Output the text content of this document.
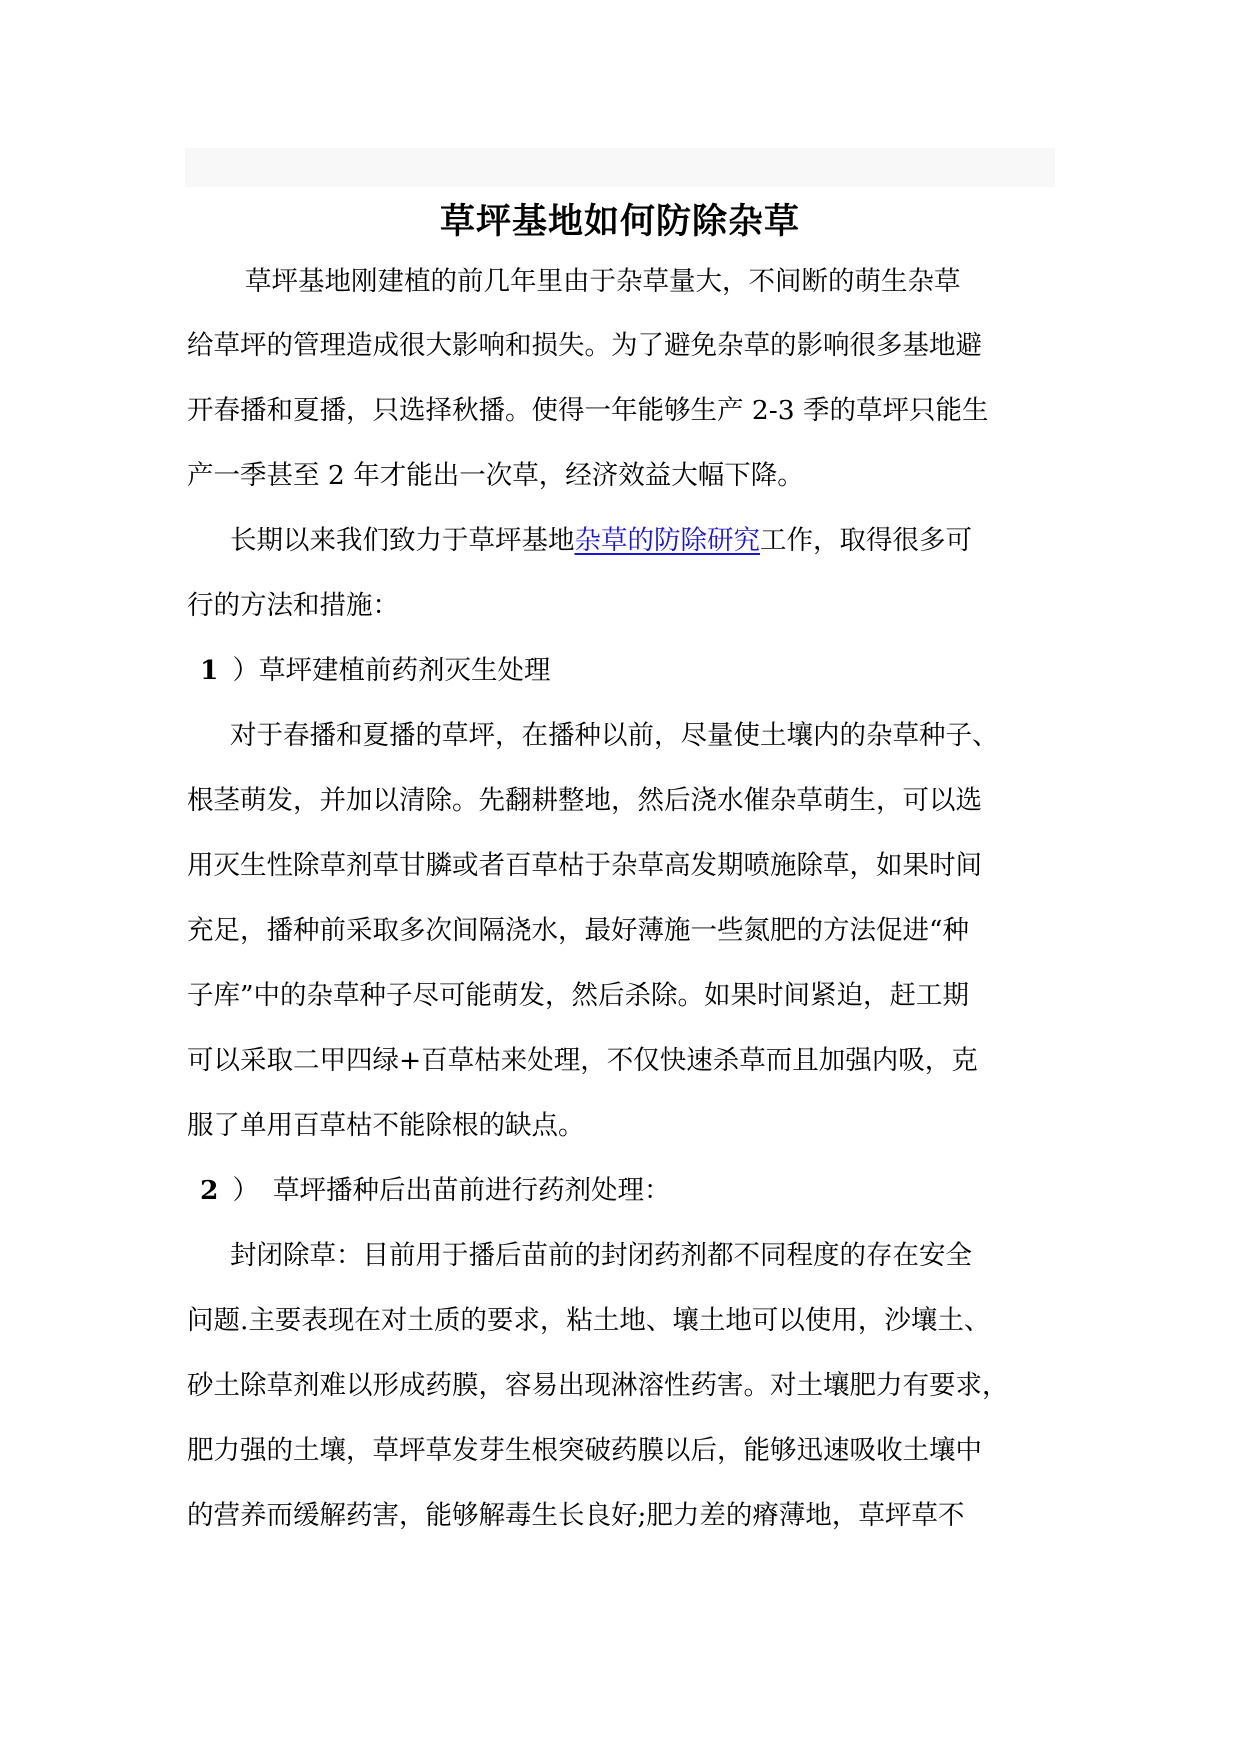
草坪基地如何防除杂草
草坪基地刚建植的前几年里由于杂草量大，不间断的萌生杂草
给草坪的管理造成很大影响和损失。为了避免杂草的影响很多基地避
开春播和夏播，只选择秋播。使得一年能够生产 2-3 季的草坪只能生
产一季甚至 2 年才能出一次草，经济效益大幅下降。
长期以来我们致力于草坪基地杂草的防除研究工作，取得很多可
行的方法和措施：
1 ）草坪建植前药剂灭生处理
对于春播和夏播的草坪，在播种以前，尽量使土壤内的杂草种子、
根茎萌发，并加以清除。先翻耕整地，然后浇水催杂草萌生，可以选
用灭生性除草剂草甘膦或者百草枯于杂草高发期喷施除草，如果时间
充足，播种前采取多次间隔浇水，最好薄施一些氮肥的方法促进“种
子库”中的杂草种子尽可能萌发，然后杀除。如果时间紧迫，赶工期
可以采取二甲四绿+百草枯来处理，不仅快速杀草而且加强内吸，克
服了单用百草枯不能除根的缺点。
2 ） 草坪播种后出苗前进行药剂处理：
封闭除草：目前用于播后苗前的封闭药剂都不同程度的存在安全
问题.主要表现在对土质的要求，粘土地、壤土地可以使用，沙壤土、
砂土除草剂难以形成药膜，容易出现淋溶性药害。对土壤肥力有要求，
肥力强的土壤，草坪草发芽生根突破药膜以后，能够迅速吸收土壤中
的营养而缓解药害，能够解毒生长良好;肥力差的瘠薄地，草坪草不
